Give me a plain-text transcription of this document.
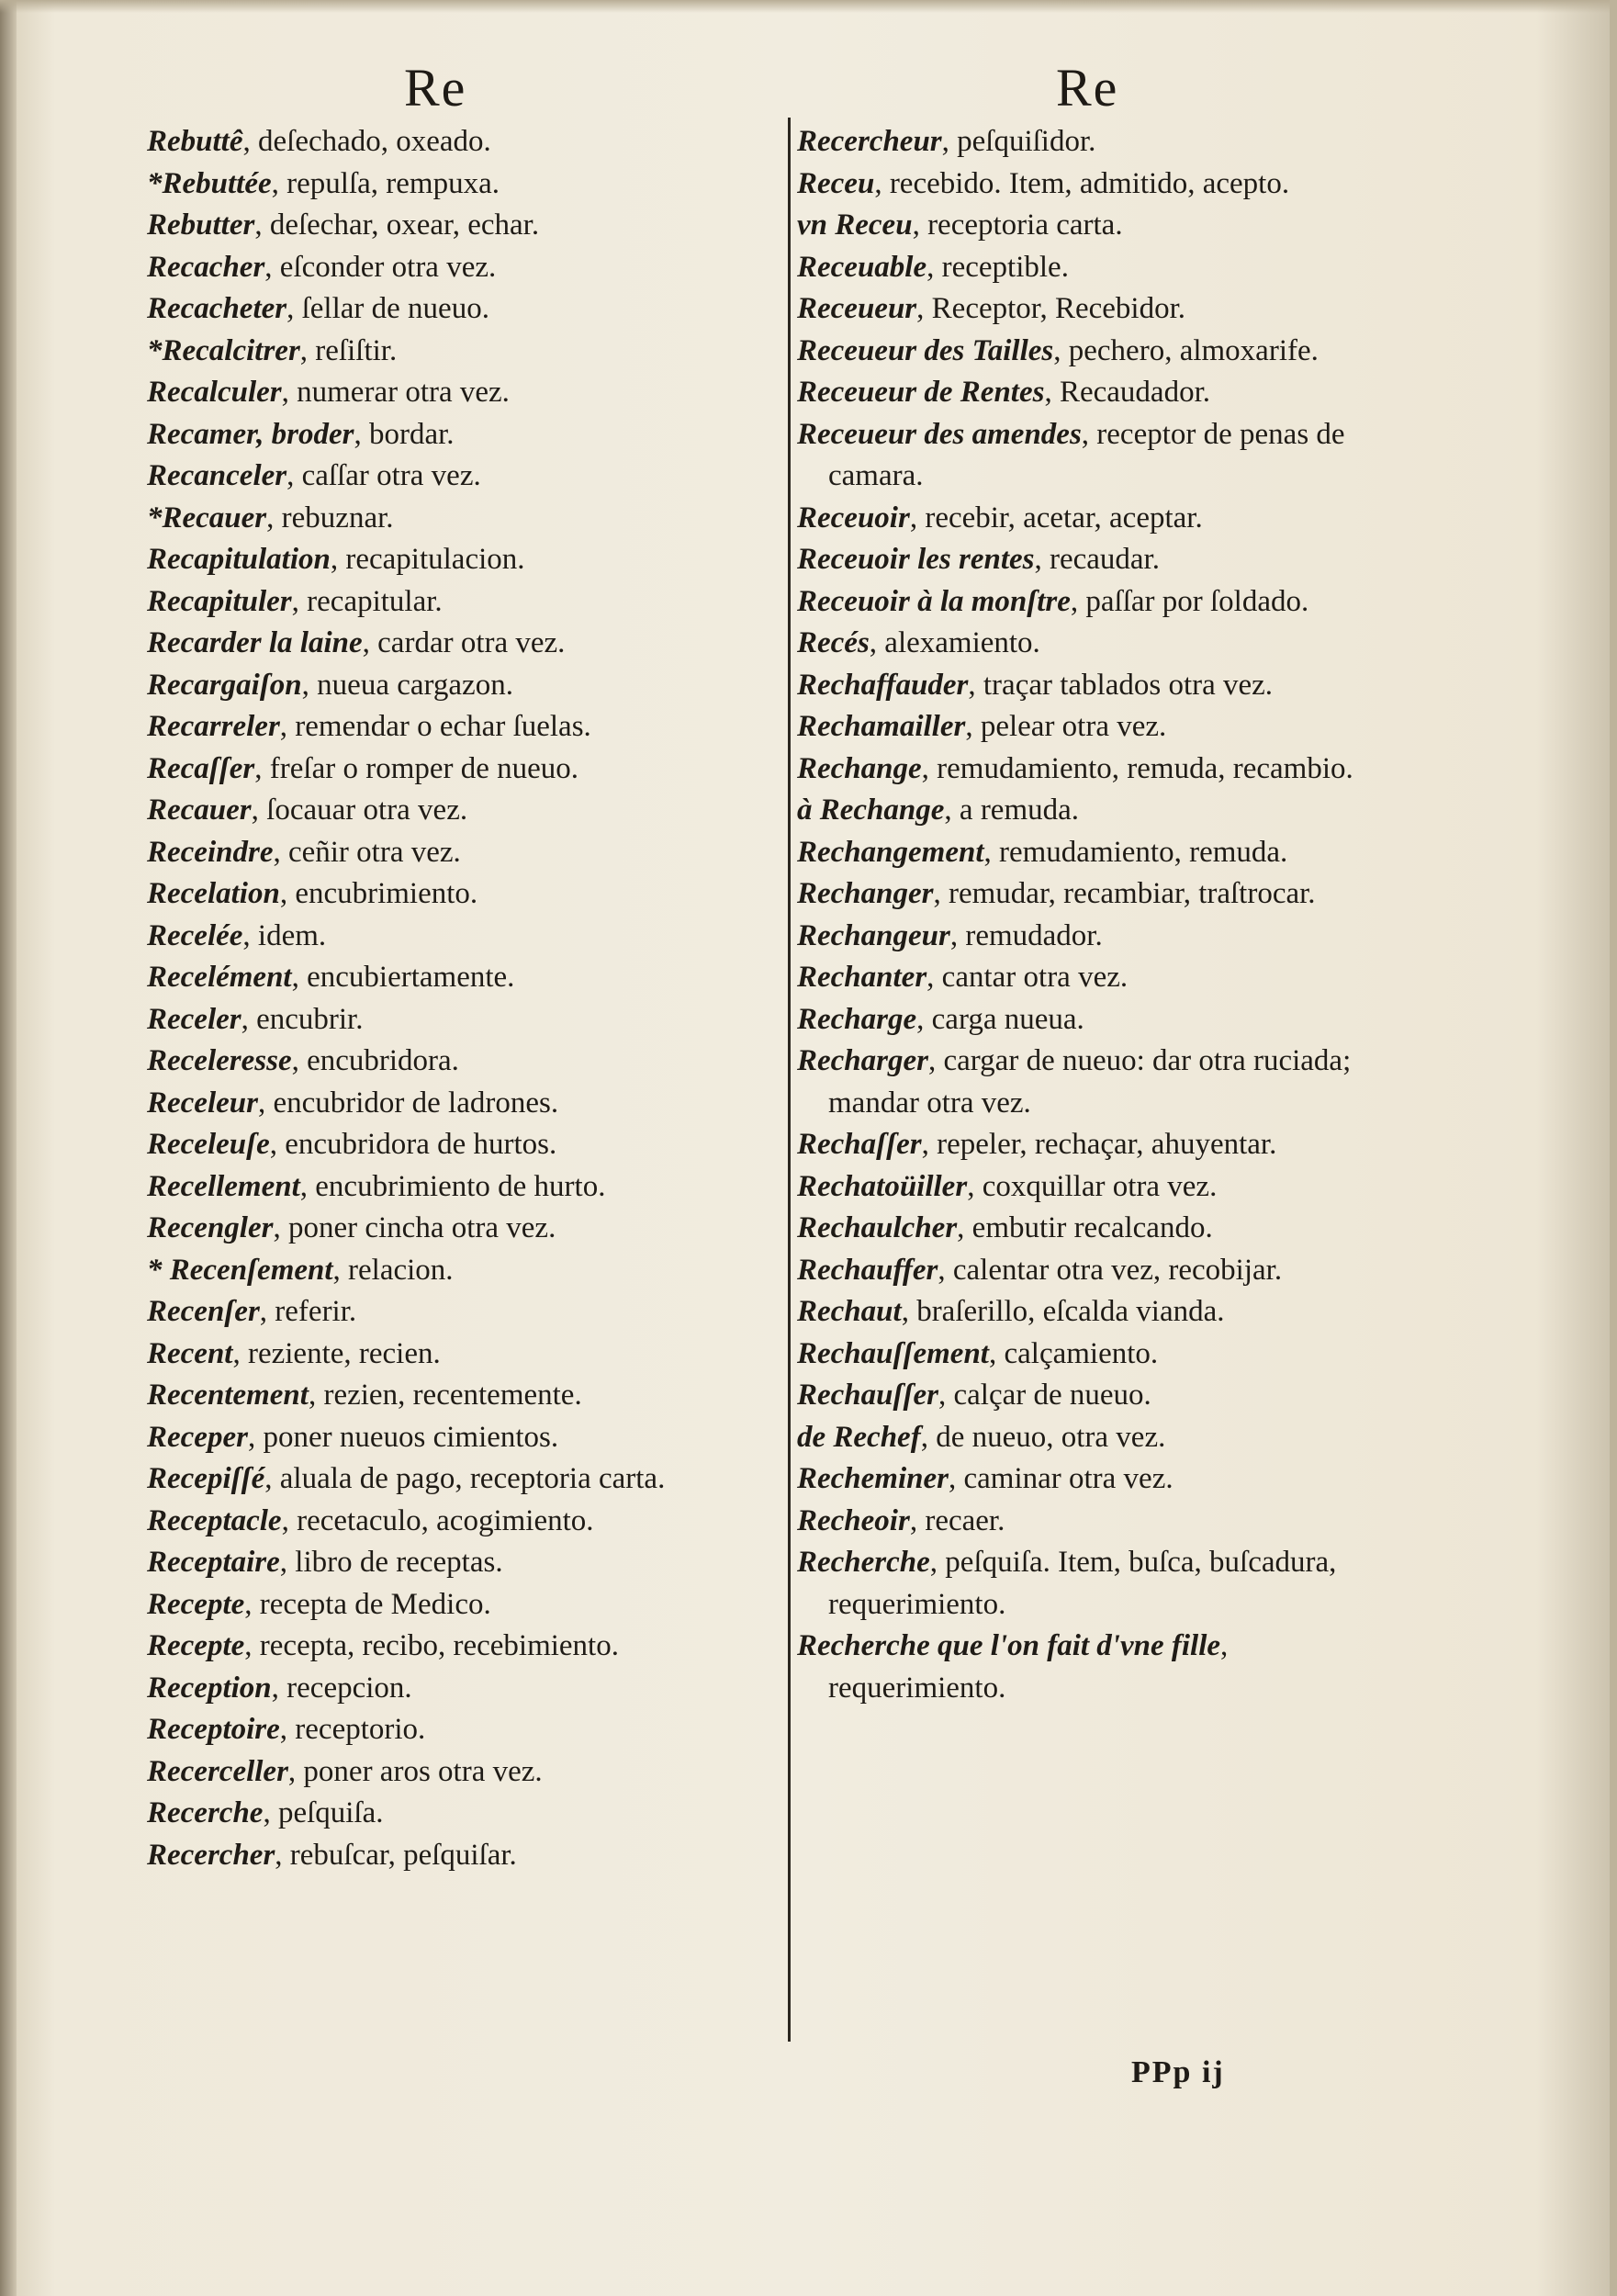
Re	Re
Rebuttê, deſechado, oxeado.
*Rebuttée, repulſa, rempuxa.
Rebutter, deſechar, oxear, echar.
Recacher, eſconder otra vez.
Recacheter, ſellar de nueuo.
*Recalcitrer, reſiſtir.
Recalculer, numerar otra vez.
Recamer, broder, bordar.
Recanceler, caſſar otra vez.
*Recauer, rebuznar.
Recapitulation, recapitulacion.
Recapituler, recapitular.
Recarder la laine, cardar otra vez.
Recargaiſon, nueua cargazon.
Recarreler, remendar o echar ſuelas.
Recaſſer, freſar o romper de nueuo.
Recauer, ſocauar otra vez.
Receindre, ceñir otra vez.
Recelation, encubrimiento.
Recelée, idem.
Recelément, encubiertamente.
Receler, encubrir.
Receleresse, encubridora.
Receleur, encubridor de ladrones.
Receleuſe, encubridora de hurtos.
Recellement, encubrimiento de hurto.
Recengler, poner cincha otra vez.
* Recenſement, relacion.
Recenſer, referir.
Recent, reziente, recien.
Recentement, rezien, recentemente.
Receper, poner nueuos cimientos.
Recepiſſé, aluala de pago, receptoria carta.
Receptacle, recetaculo, acogimiento.
Receptaire, libro de receptas.
Recepte, recepta de Medico.
Recepte, recepta, recibo, recebimiento.
Reception, recepcion.
Receptoire, receptorio.
Recerceller, poner aros otra vez.
Recerche, peſquiſa.
Recercher, rebuſcar, peſquiſar.
Recercheur, peſquiſidor.
Receu, recebido. Item, admitido, acepto.
vn Receu, receptoria carta.
Receuable, receptible.
Receueur, Receptor, Recebidor.
Receueur des Tailles, pechero, almoxarife.
Receueur de Rentes, Recaudador.
Receueur des amendes, receptor de penas de camara.
Receuoir, recebir, acetar, aceptar.
Receuoir les rentes, recaudar.
Receuoir à la monſtre, paſſar por ſoldado.
Recés, alexamiento.
Rechaffauder, traçar tablados otra vez.
Rechamailler, pelear otra vez.
Rechange, remudamiento, remuda, recambio.
à Rechange, a remuda.
Rechangement, remudamiento, remuda.
Rechanger, remudar, recambiar, traſtrocar.
Rechangeur, remudador.
Rechanter, cantar otra vez.
Recharge, carga nueua.
Recharger, cargar de nueuo: dar otra ruciada; mandar otra vez.
Rechaſſer, repeler, rechaçar, ahuyentar.
Rechatoüiller, coxquillar otra vez.
Rechaulcher, embutir recalcando.
Rechauffer, calentar otra vez, recobijar.
Rechaut, braſerillo, eſcalda vianda.
Rechauſſement, calçamiento.
Rechauſſer, calçar de nueuo.
de Rechef, de nueuo, otra vez.
Recheminer, caminar otra vez.
Recheoir, recaer.
Recherche, peſquiſa. Item, buſca, buſcadura, requerimiento.
Recherche que l'on fait d'vne fille, requerimiento.
PPp ij
